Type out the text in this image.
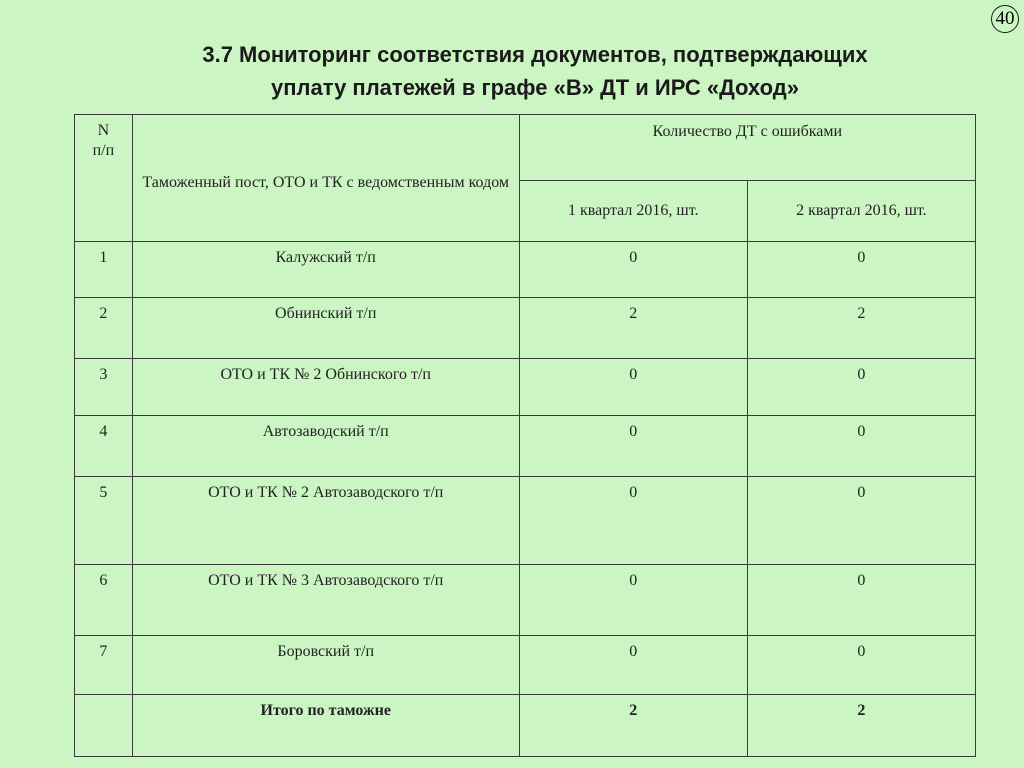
40
3.7 Мониторинг соответствия документов, подтверждающих
уплату платежей в графе «В» ДТ и ИРС «Доход»
N
п/п	Таможенный пост, ОТО и ТК с ведомственным кодом	Количество ДТ с ошибками	
		1 квартал 2016, шт.	2 квартал 2016, шт.
1	Калужский т/п	0	0
2	Обнинский т/п	2	2
3	ОТО и ТК № 2 Обнинского т/п	0	0
4	Автозаводский т/п	0	0
5	ОТО и ТК № 2 Автозаводского т/п	0	0
6	ОТО и ТК № 3 Автозаводского т/п	0	0
7	Боровский т/п	0	0
	Итого по таможне	2	2
